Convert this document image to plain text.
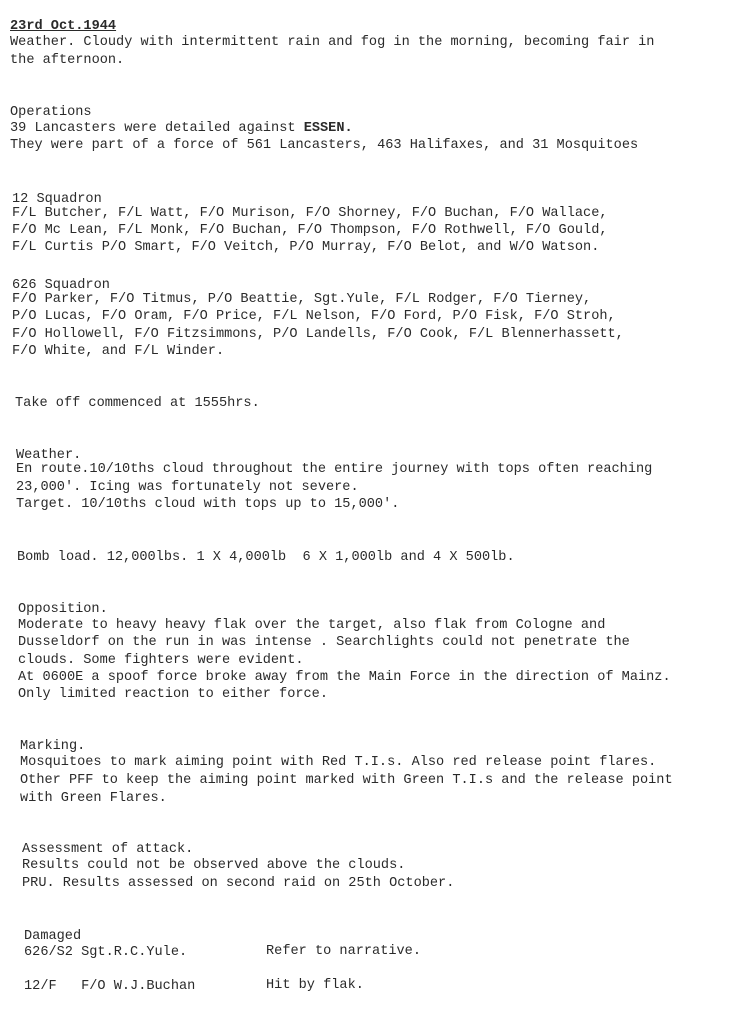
23rd Oct.1944
Weather. Cloudy with intermittent rain and fog in the morning, becoming fair in
the afternoon.
Operations
39 Lancasters were detailed against ESSEN.
They were part of a force of 561 Lancasters, 463 Halifaxes, and 31 Mosquitoes
12 Squadron
F/L Butcher, F/L Watt, F/O Murison, F/O Shorney, F/O Buchan, F/O Wallace,
F/O Mc Lean, F/L Monk, F/O Buchan, F/O Thompson, F/O Rothwell, F/O Gould,
F/L Curtis P/O Smart, F/O Veitch, P/O Murray, F/O Belot, and W/O Watson.
626 Squadron
F/O Parker, F/O Titmus, P/O Beattie, Sgt.Yule, F/L Rodger, F/O Tierney,
P/O Lucas, F/O Oram, F/O Price, F/L Nelson, F/O Ford, P/O Fisk, F/O Stroh,
F/O Hollowell, F/O Fitzsimmons, P/O Landells, F/O Cook, F/L Blennerhassett,
F/O White, and F/L Winder.
Take off commenced at 1555hrs.
Weather.
En route.10/10ths cloud throughout the entire journey with tops often reaching
23,000'. Icing was fortunately not severe.
Target. 10/10ths cloud with tops up to 15,000'.
Bomb load. 12,000lbs. 1 X 4,000lb  6 X 1,000lb and 4 X 500lb.
Opposition.
Moderate to heavy heavy flak over the target, also flak from Cologne and
Dusseldorf on the run in was intense . Searchlights could not penetrate the
clouds. Some fighters were evident.
At 0600E a spoof force broke away from the Main Force in the direction of Mainz.
Only limited reaction to either force.
Marking.
Mosquitoes to mark aiming point with Red T.I.s. Also red release point flares.
Other PFF to keep the aiming point marked with Green T.I.s and the release point
with Green Flares.
Assessment of attack.
Results could not be observed above the clouds.
PRU. Results assessed on second raid on 25th October.
Damaged
626/S2 Sgt.R.C.Yule.	Refer to narrative.
12/F   F/O W.J.Buchan	Hit by flak.
